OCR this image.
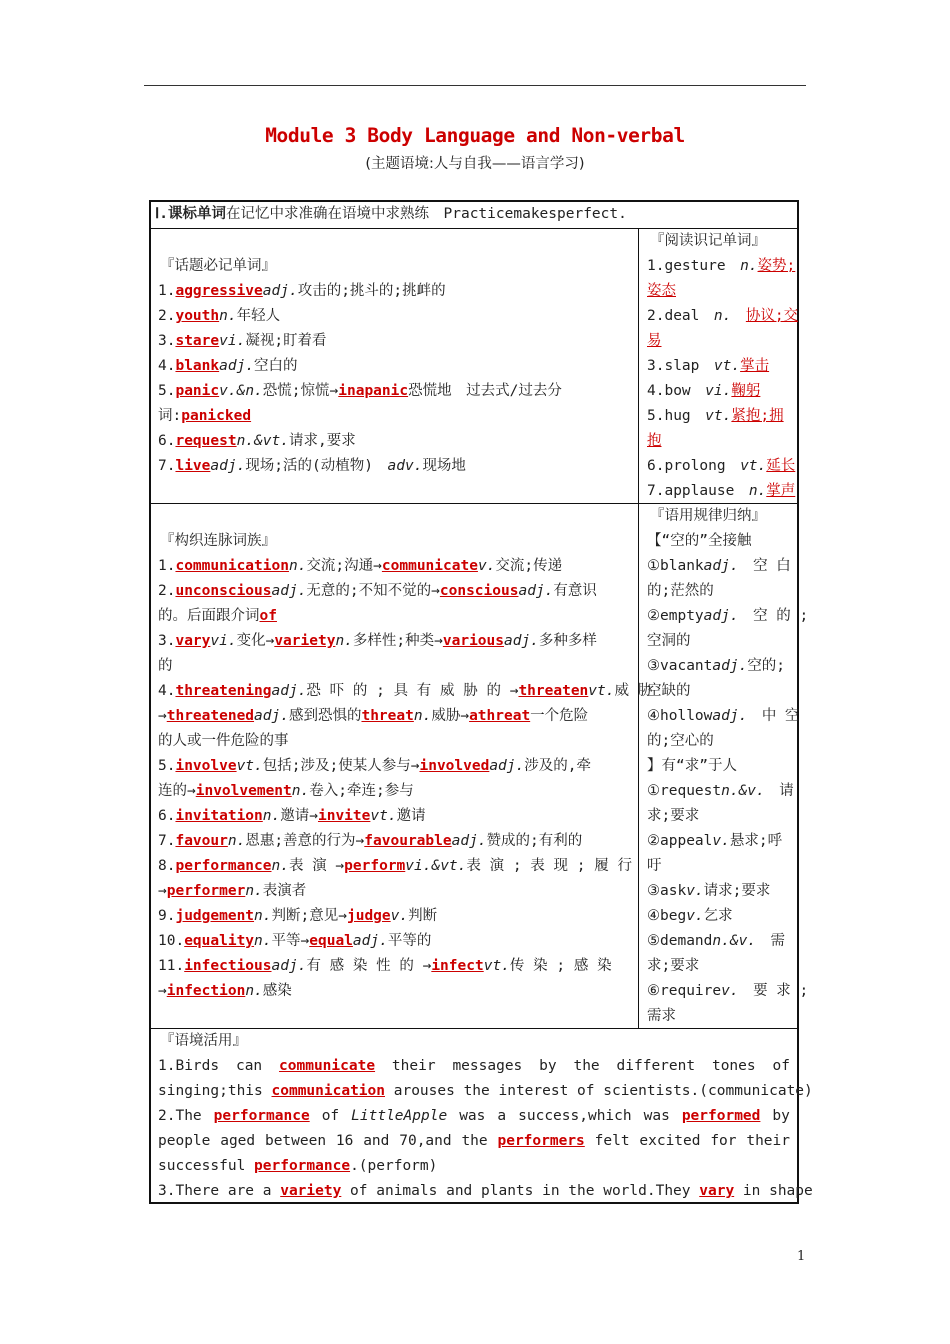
Module 3 Body Language and Non-verbal
(主题语境:人与自我——语言学习)
Ⅰ.课标单词在记忆中求准确在语境中求熟练　 Practicemakesperfect.
『话题必记单词』
1.aggressiveadj.攻击的;挑斗的;挑衅的
2.youthn.年轻人
3.starevi.凝视;盯着看
4.blankadj.空白的
5.panicv.&n.恐慌;惊慌→inapanic恐慌地　过去式/过去分
词:panicked
6.requestn.&vt.请求,要求
7.liveadj.现场;活的(动植物)　adv.现场地
『阅读识记单词』
1.gesture　 n.姿势;
姿态
2.deal　 n.　 协议;交
易
3.slap　 vt.掌击
4.bow　 vi.鞠躬
5.hug　 vt.紧抱;拥
抱
6.prolong　 vt.延长
7.applause　 n.掌声
『构织连脉词族』
1.communicationn.交流;沟通→communicatev.交流;传递
2.unconsciousadj.无意的;不知不觉的→consciousadj.有意识
的。后面跟介词of
3.varyvi.变化→varietyn.多样性;种类→variousadj.多种多样
的
4.threateningadj.恐 吓 的 ; 具 有 威 胁 的 →threatenvt.威 胁
→threatenedadj.感到恐惧的threatn.威胁→athreat一个危险
的人或一件危险的事
5.involvevt.包括;涉及;使某人参与→involvedadj.涉及的,牵
连的→involvementn.卷入;牵连;参与
6.invitationn.邀请→invitevt.邀请
7.favourn.恩惠;善意的行为→favourableadj.赞成的;有利的
8.performancen.表 演 →performvi.&vt.表 演 ; 表 现 ; 履 行
→performern.表演者
9.judgementn.判断;意见→judgev.判断
10.equalityn.平等→equaladj.平等的
11.infectiousadj.有 感 染 性 的 →infectvt.传 染 ; 感 染
→infectionn.感染
『语用规律归纳』
【“空的”全接触
①blankadj.　 空 白
的;茫然的
②emptyadj.　 空 的 ;
空洞的
③vacantadj.空的;
空缺的
④hollowadj.　 中 空
的;空心的
】有“求”于人
①requestn.&v.　 请
求;要求
②appealv.悬求;呼
吁
③askv.请求;要求
④begv.乞求
⑤demandn.&v.　 需
求;要求
⑥requirev.　 要 求 ;
需求
『语境活用』
1.Birds can communicate their messages by the different tones of
singing;this communication arouses the interest of scientists.(communicate)
2.The performance of LittleApple was a success,which was performed by
people aged between 16 and 70,and the performers felt excited for their
successful performance.(perform)
3.There are a variety of animals and plants in the world.They vary in shape
1
